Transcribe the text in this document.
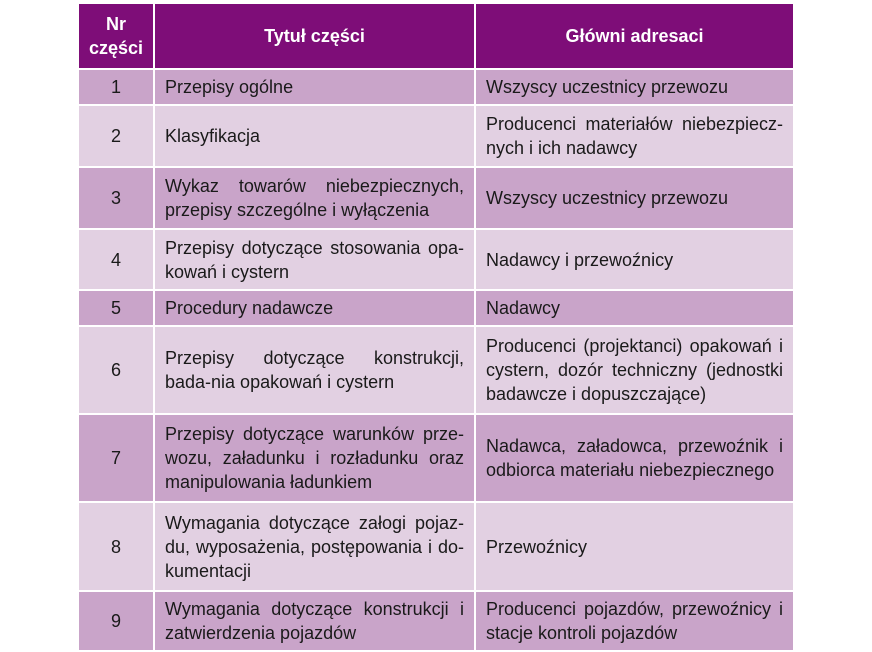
Nr części	Tytuł części	Główni adresaci
1	Przepisy ogólne	Wszyscy uczestnicy przewozu
2	Klasyfikacja	Producenci materiałów niebezpiecz-nych i ich nadawcy
3	Wykaz towarów niebezpiecznych, przepisy szczególne i wyłączenia	Wszyscy uczestnicy przewozu
4	Przepisy dotyczące stosowania opa-kowań i cystern	Nadawcy i przewoźnicy
5	Procedury nadawcze	Nadawcy
6	Przepisy dotyczące konstrukcji, bada-nia opakowań i cystern	Producenci (projektanci) opakowań i cystern, dozór techniczny (jednostki badawcze i dopuszczające)
7	Przepisy dotyczące warunków prze-wozu, załadunku i rozładunku oraz manipulowania ładunkiem	Nadawca, załadowca, przewoźnik i odbiorca materiału niebezpiecznego
8	Wymagania dotyczące załogi pojaz-du, wyposażenia, postępowania i do-kumentacji	Przewoźnicy
9	Wymagania dotyczące konstrukcji i zatwierdzenia pojazdów	Producenci pojazdów, przewoźnicy i stacje kontroli pojazdów
